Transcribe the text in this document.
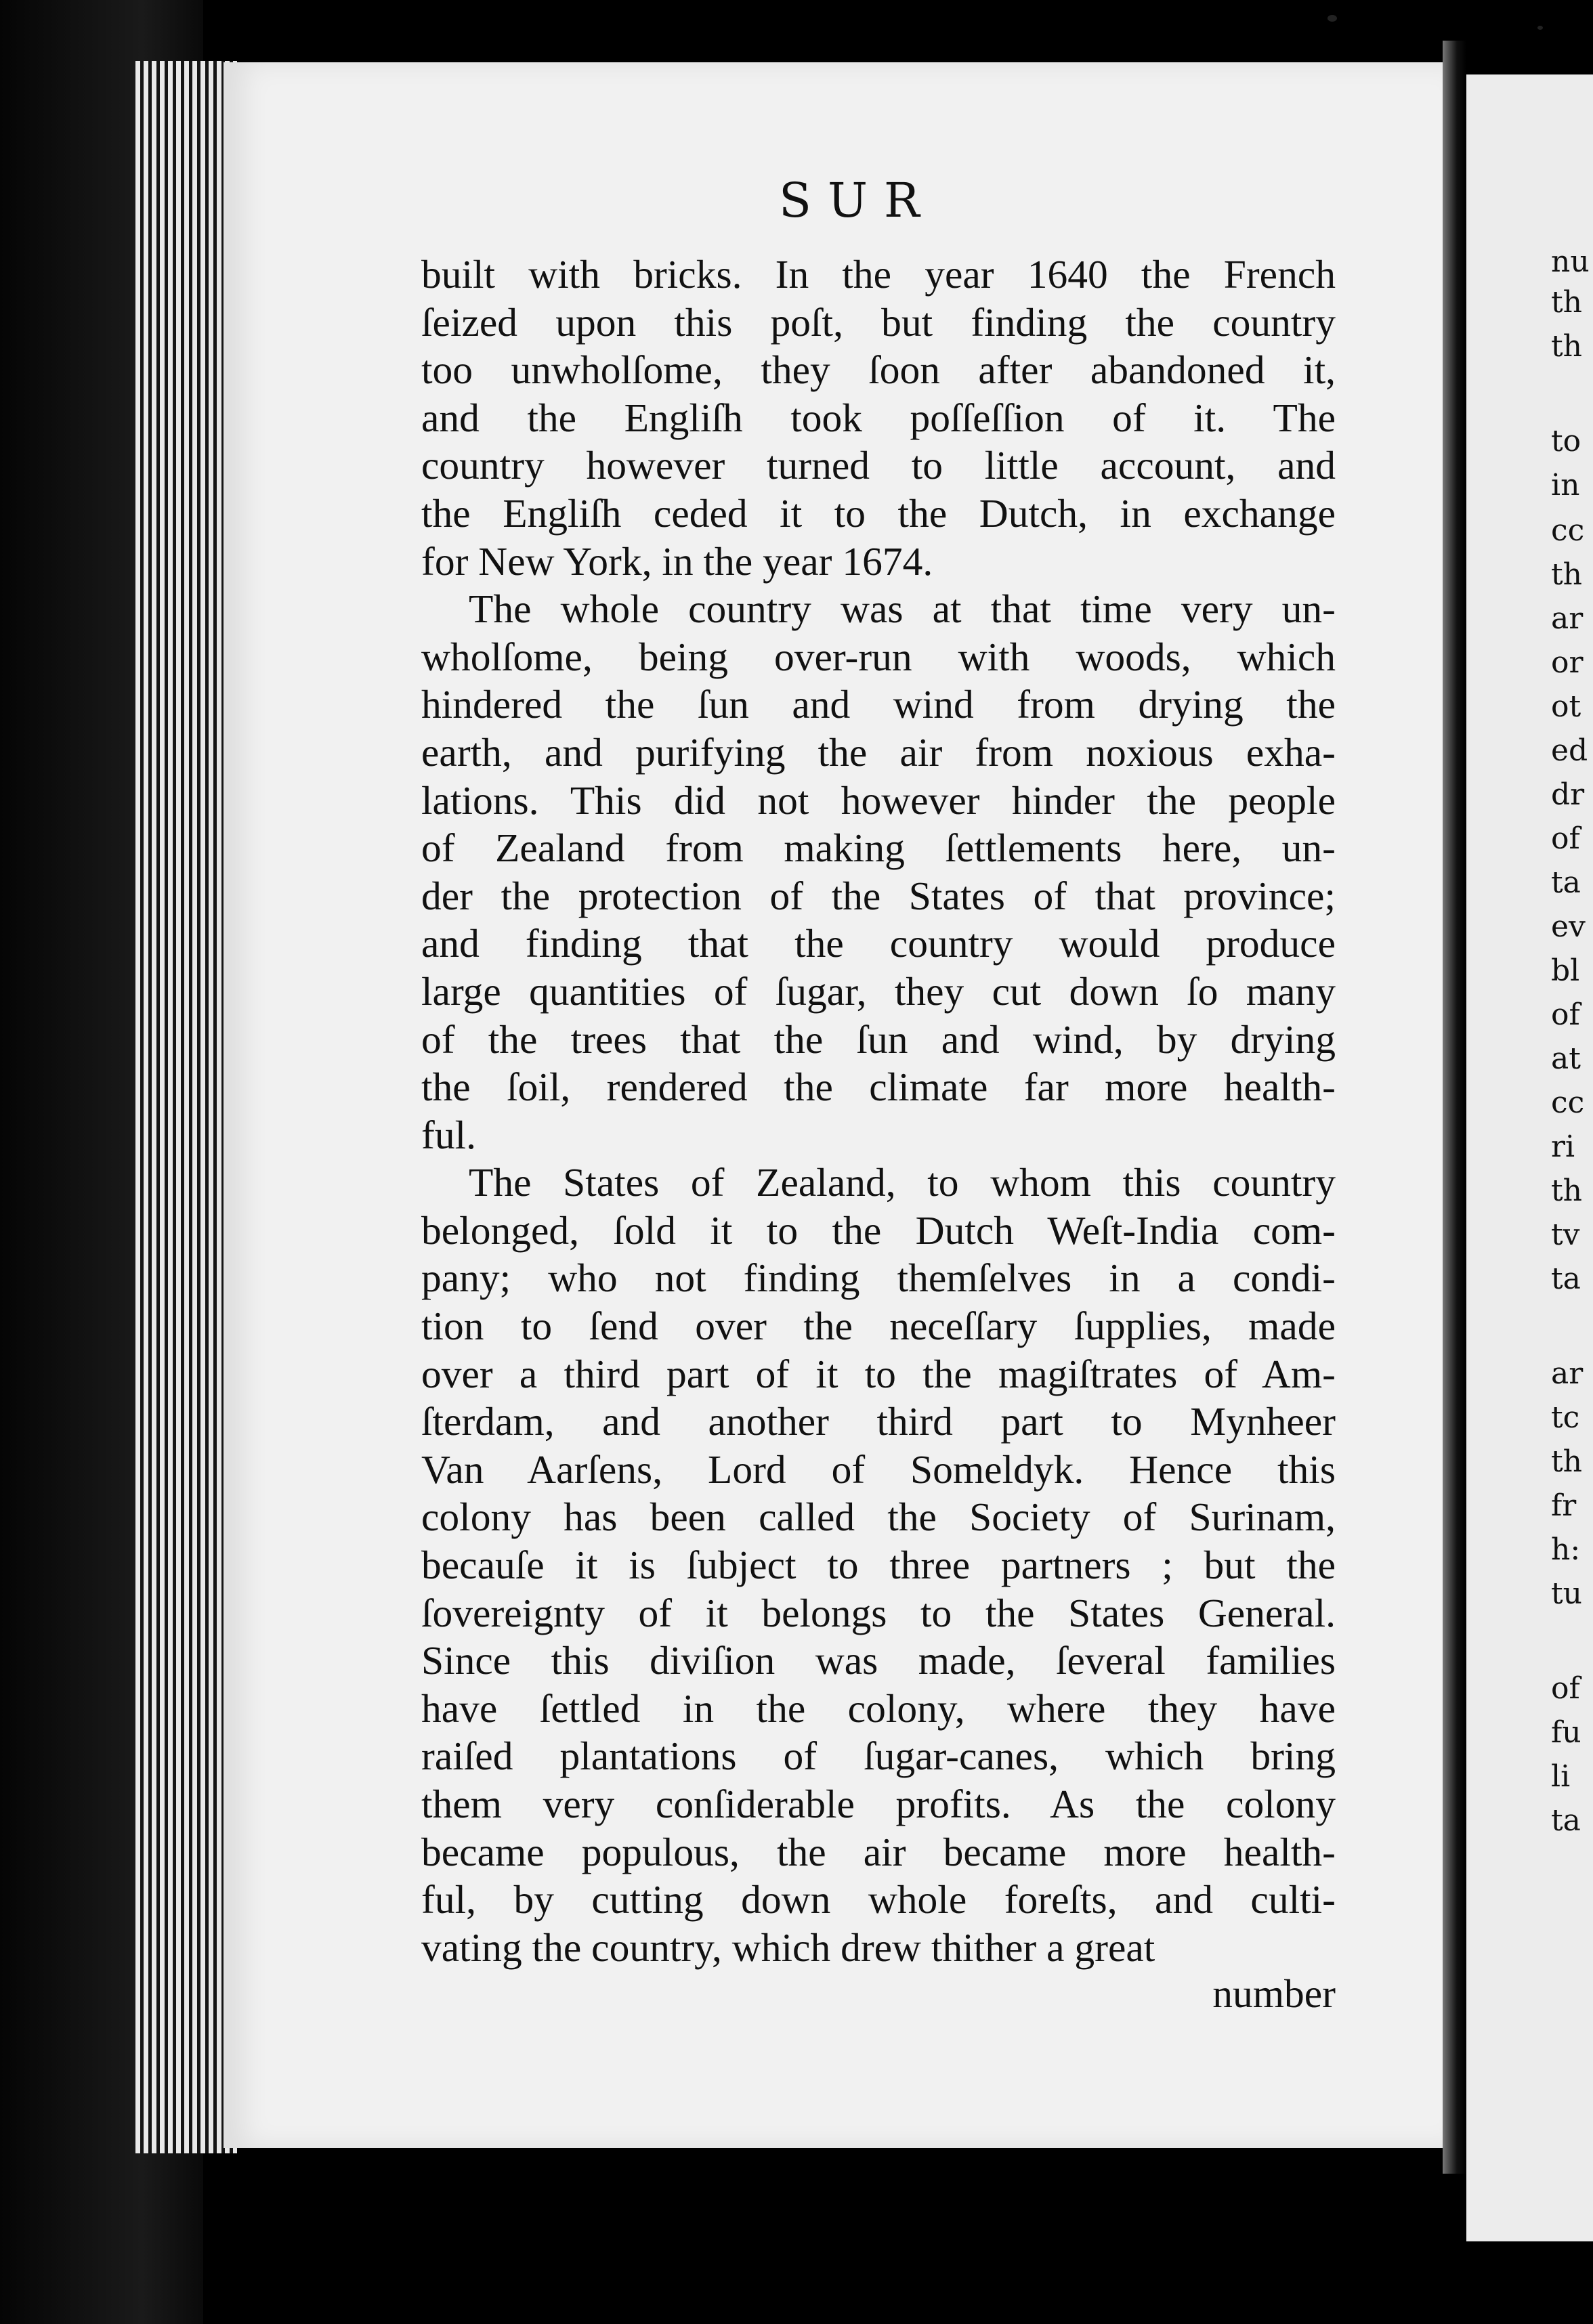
nu
th
th
to
in
cc
th
ar
or
ot
ed
dr
of
ta
ev
bl
of
at
cc
ri
th
tv
ta
ar
tc
th
fr
h:
tu
of
fu
li
ta
SUR
built with bricks. In the year 1640 the French
ſeized upon this poſt, but finding the country
too unwholſome, they ſoon after abandoned it,
and the Engliſh took poſſeſſion of it. The
country however turned to little account, and
the Engliſh ceded it to the Dutch, in exchange
for New York, in the year 1674.
The whole country was at that time very un-
wholſome, being over-run with woods, which
hindered the ſun and wind from drying the
earth, and purifying the air from noxious exha-
lations. This did not however hinder the people
of Zealand from making ſettlements here, un-
der the protection of the States of that province;
and finding that the country would produce
large quantities of ſugar, they cut down ſo many
of the trees that the ſun and wind, by drying
the ſoil, rendered the climate far more health-
ful.
The States of Zealand, to whom this country
belonged, ſold it to the Dutch Weſt-India com-
pany; who not finding themſelves in a condi-
tion to ſend over the neceſſary ſupplies, made
over a third part of it to the magiſtrates of Am-
ſterdam, and another third part to Mynheer
Van Aarſens, Lord of Someldyk. Hence this
colony has been called the Society of Surinam,
becauſe it is ſubject to three partners ; but the
ſovereignty of it belongs to the States General.
Since this diviſion was made, ſeveral families
have ſettled in the colony, where they have
raiſed plantations of ſugar-canes, which bring
them very conſiderable profits. As the colony
became populous, the air became more health-
ful, by cutting down whole foreſts, and culti-
vating the country, which drew thither a great
number
